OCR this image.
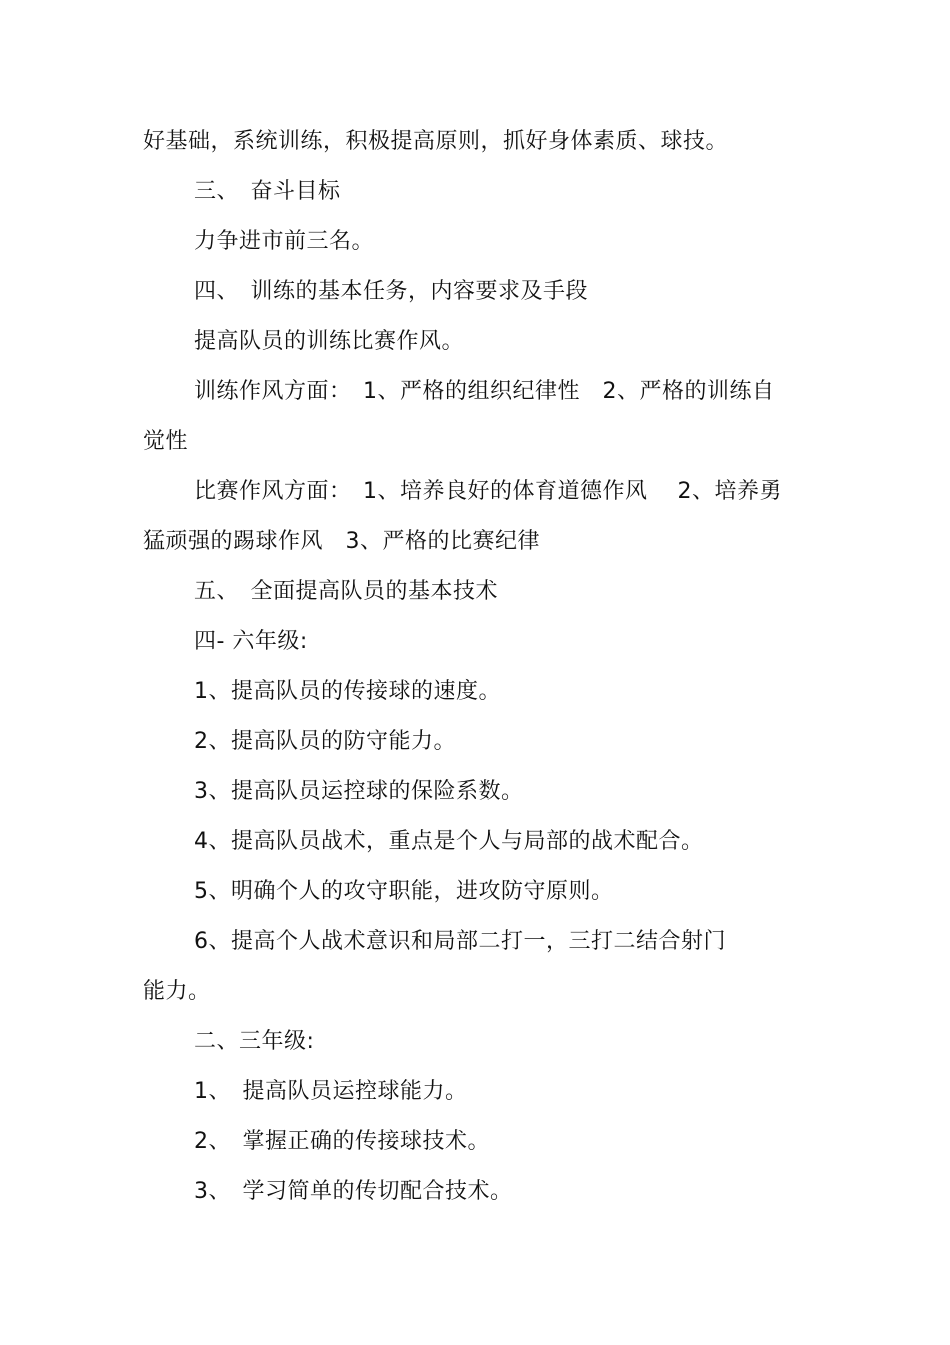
好基础，系统训练，积极提高原则，抓好身体素质、球技。
三、　奋斗目标
力争进市前三名。
四、　训练的基本任务，内容要求及手段
提高队员的训练比赛作风。
训练作风方面：　1、严格的组织纪律性　2、严格的训练自
觉性
比赛作风方面：　1、培养良好的体育道德作风　 2、培养勇
猛顽强的踢球作风　3、严格的比赛纪律
五、　全面提高队员的基本技术
四- 六年级:
1、提高队员的传接球的速度。
2、提高队员的防守能力。
3、提高队员运控球的保险系数。
4、提高队员战术，重点是个人与局部的战术配合。
5、明确个人的攻守职能，进攻防守原则。
6、提高个人战术意识和局部二打一，三打二结合射门
能力。
二、三年级:
1、　提高队员运控球能力。
2、　掌握正确的传接球技术。
3、　学习简单的传切配合技术。
